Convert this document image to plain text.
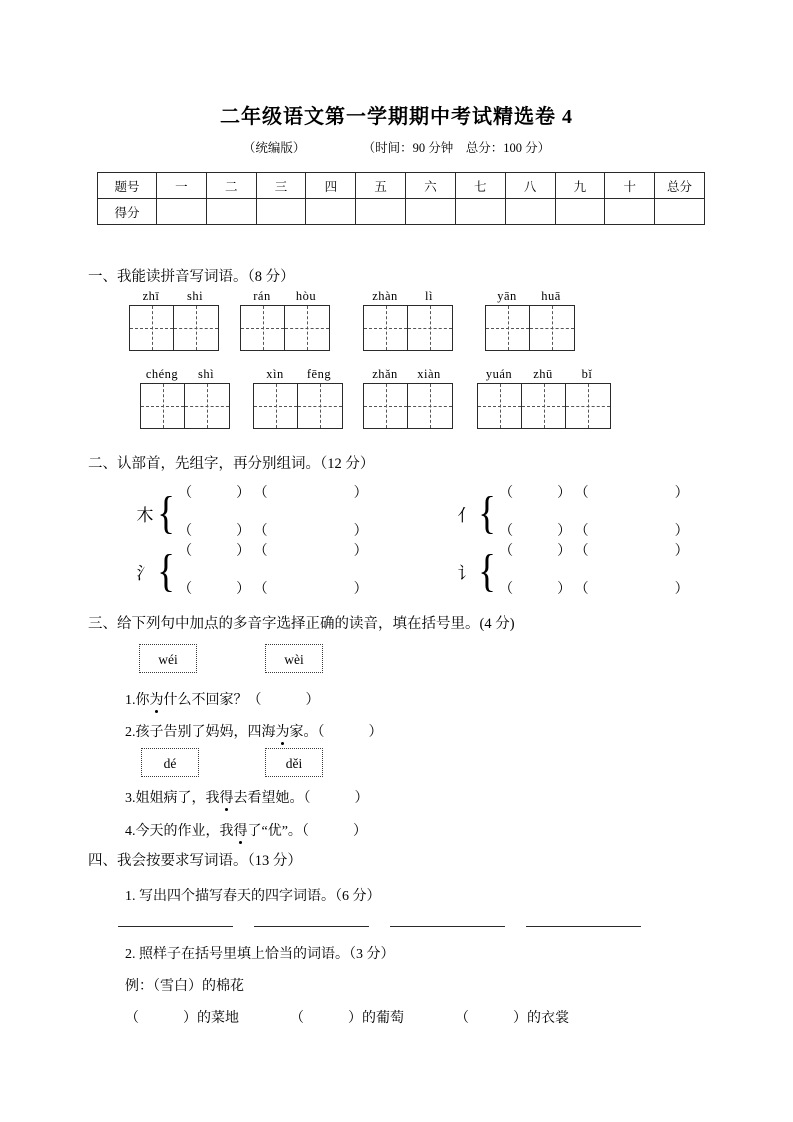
二年级语文第一学期期中考试精选卷 4
（统编版）	（时间：90 分钟　总分：100 分）
题号	一	二	三	四	五	六	七	八	九	十	总分
得分											
一、我能读拼音写词语。（8 分）
zhī	shi	rán	hòu	zhàn	lì	yān	huā
chéng	shì	xìn	fēng	zhǎn	xiàn	yuán	zhū	bǐ
二、认部首，先组字，再分别组词。（12 分）
木 { （	） （	）
（	） （	）
亻 { （	） （	）
（	） （	）
氵 { （	） （	）
（	） （	）
讠 { （	） （	）
（	） （	）
三、给下列句中加点的多音字选择正确的读音，填在括号里。(4 分)
wéi	wèi
1.你为什么不回家？（	）
2.孩子告别了妈妈，四海为家。（	）
dé	děi
3.姐姐病了，我得去看望她。（	）
4.今天的作业，我得了“优”。（	）
四、我会按要求写词语。（13 分）
1. 写出四个描写春天的四字词语。（6 分）
2. 照样子在括号里填上恰当的词语。（3 分）
例：（雪白）的棉花
（	）的菜地	（	）的葡萄	（	）的衣裳
